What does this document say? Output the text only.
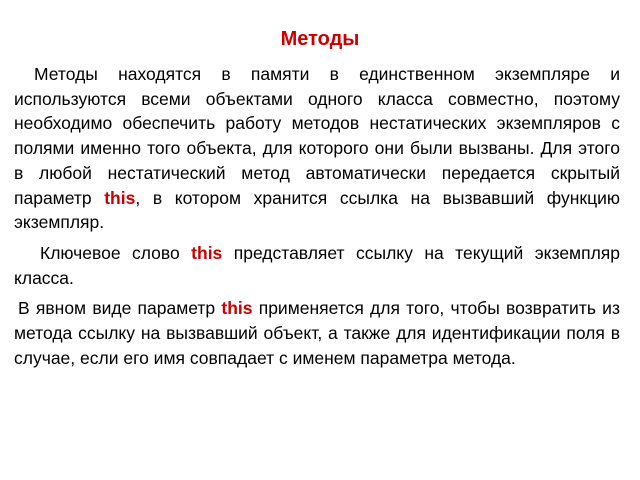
Методы

Методы находятся в памяти в единственном экземпляре и используются всеми объектами одного класса совместно, поэтому необходимо обеспечить работу методов нестатических экземпляров с полями именно того объекта, для которого они были вызваны. Для этого в любой нестатический метод автоматически передается скрытый параметр this, в котором хранится ссылка на вызвавший функцию экземпляр.

Ключевое слово this представляет ссылку на текущий экземпляр класса.

В явном виде параметр this применяется для того, чтобы возвратить из метода ссылку на вызвавший объект, а также для идентификации поля в случае, если его имя совпадает с именем параметра метода.
